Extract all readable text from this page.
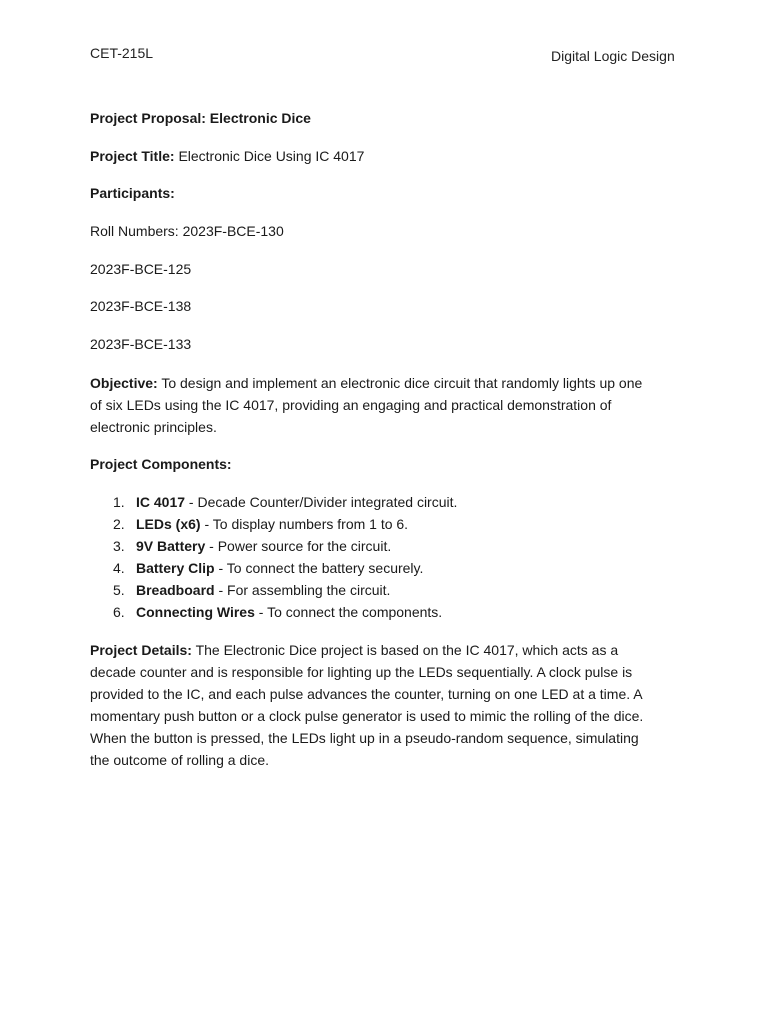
CET-215L	Digital Logic Design
Project Proposal: Electronic Dice
Project Title: Electronic Dice Using IC 4017
Participants:
Roll Numbers: 2023F-BCE-130
2023F-BCE-125
2023F-BCE-138
2023F-BCE-133
Objective: To design and implement an electronic dice circuit that randomly lights up one
of six LEDs using the IC 4017, providing an engaging and practical demonstration of
electronic principles.
Project Components:
1. IC 4017 - Decade Counter/Divider integrated circuit.
2. LEDs (x6) - To display numbers from 1 to 6.
3. 9V Battery - Power source for the circuit.
4. Battery Clip - To connect the battery securely.
5. Breadboard - For assembling the circuit.
6. Connecting Wires - To connect the components.
Project Details: The Electronic Dice project is based on the IC 4017, which acts as a
decade counter and is responsible for lighting up the LEDs sequentially. A clock pulse is
provided to the IC, and each pulse advances the counter, turning on one LED at a time. A
momentary push button or a clock pulse generator is used to mimic the rolling of the dice.
When the button is pressed, the LEDs light up in a pseudo-random sequence, simulating
the outcome of rolling a dice.
